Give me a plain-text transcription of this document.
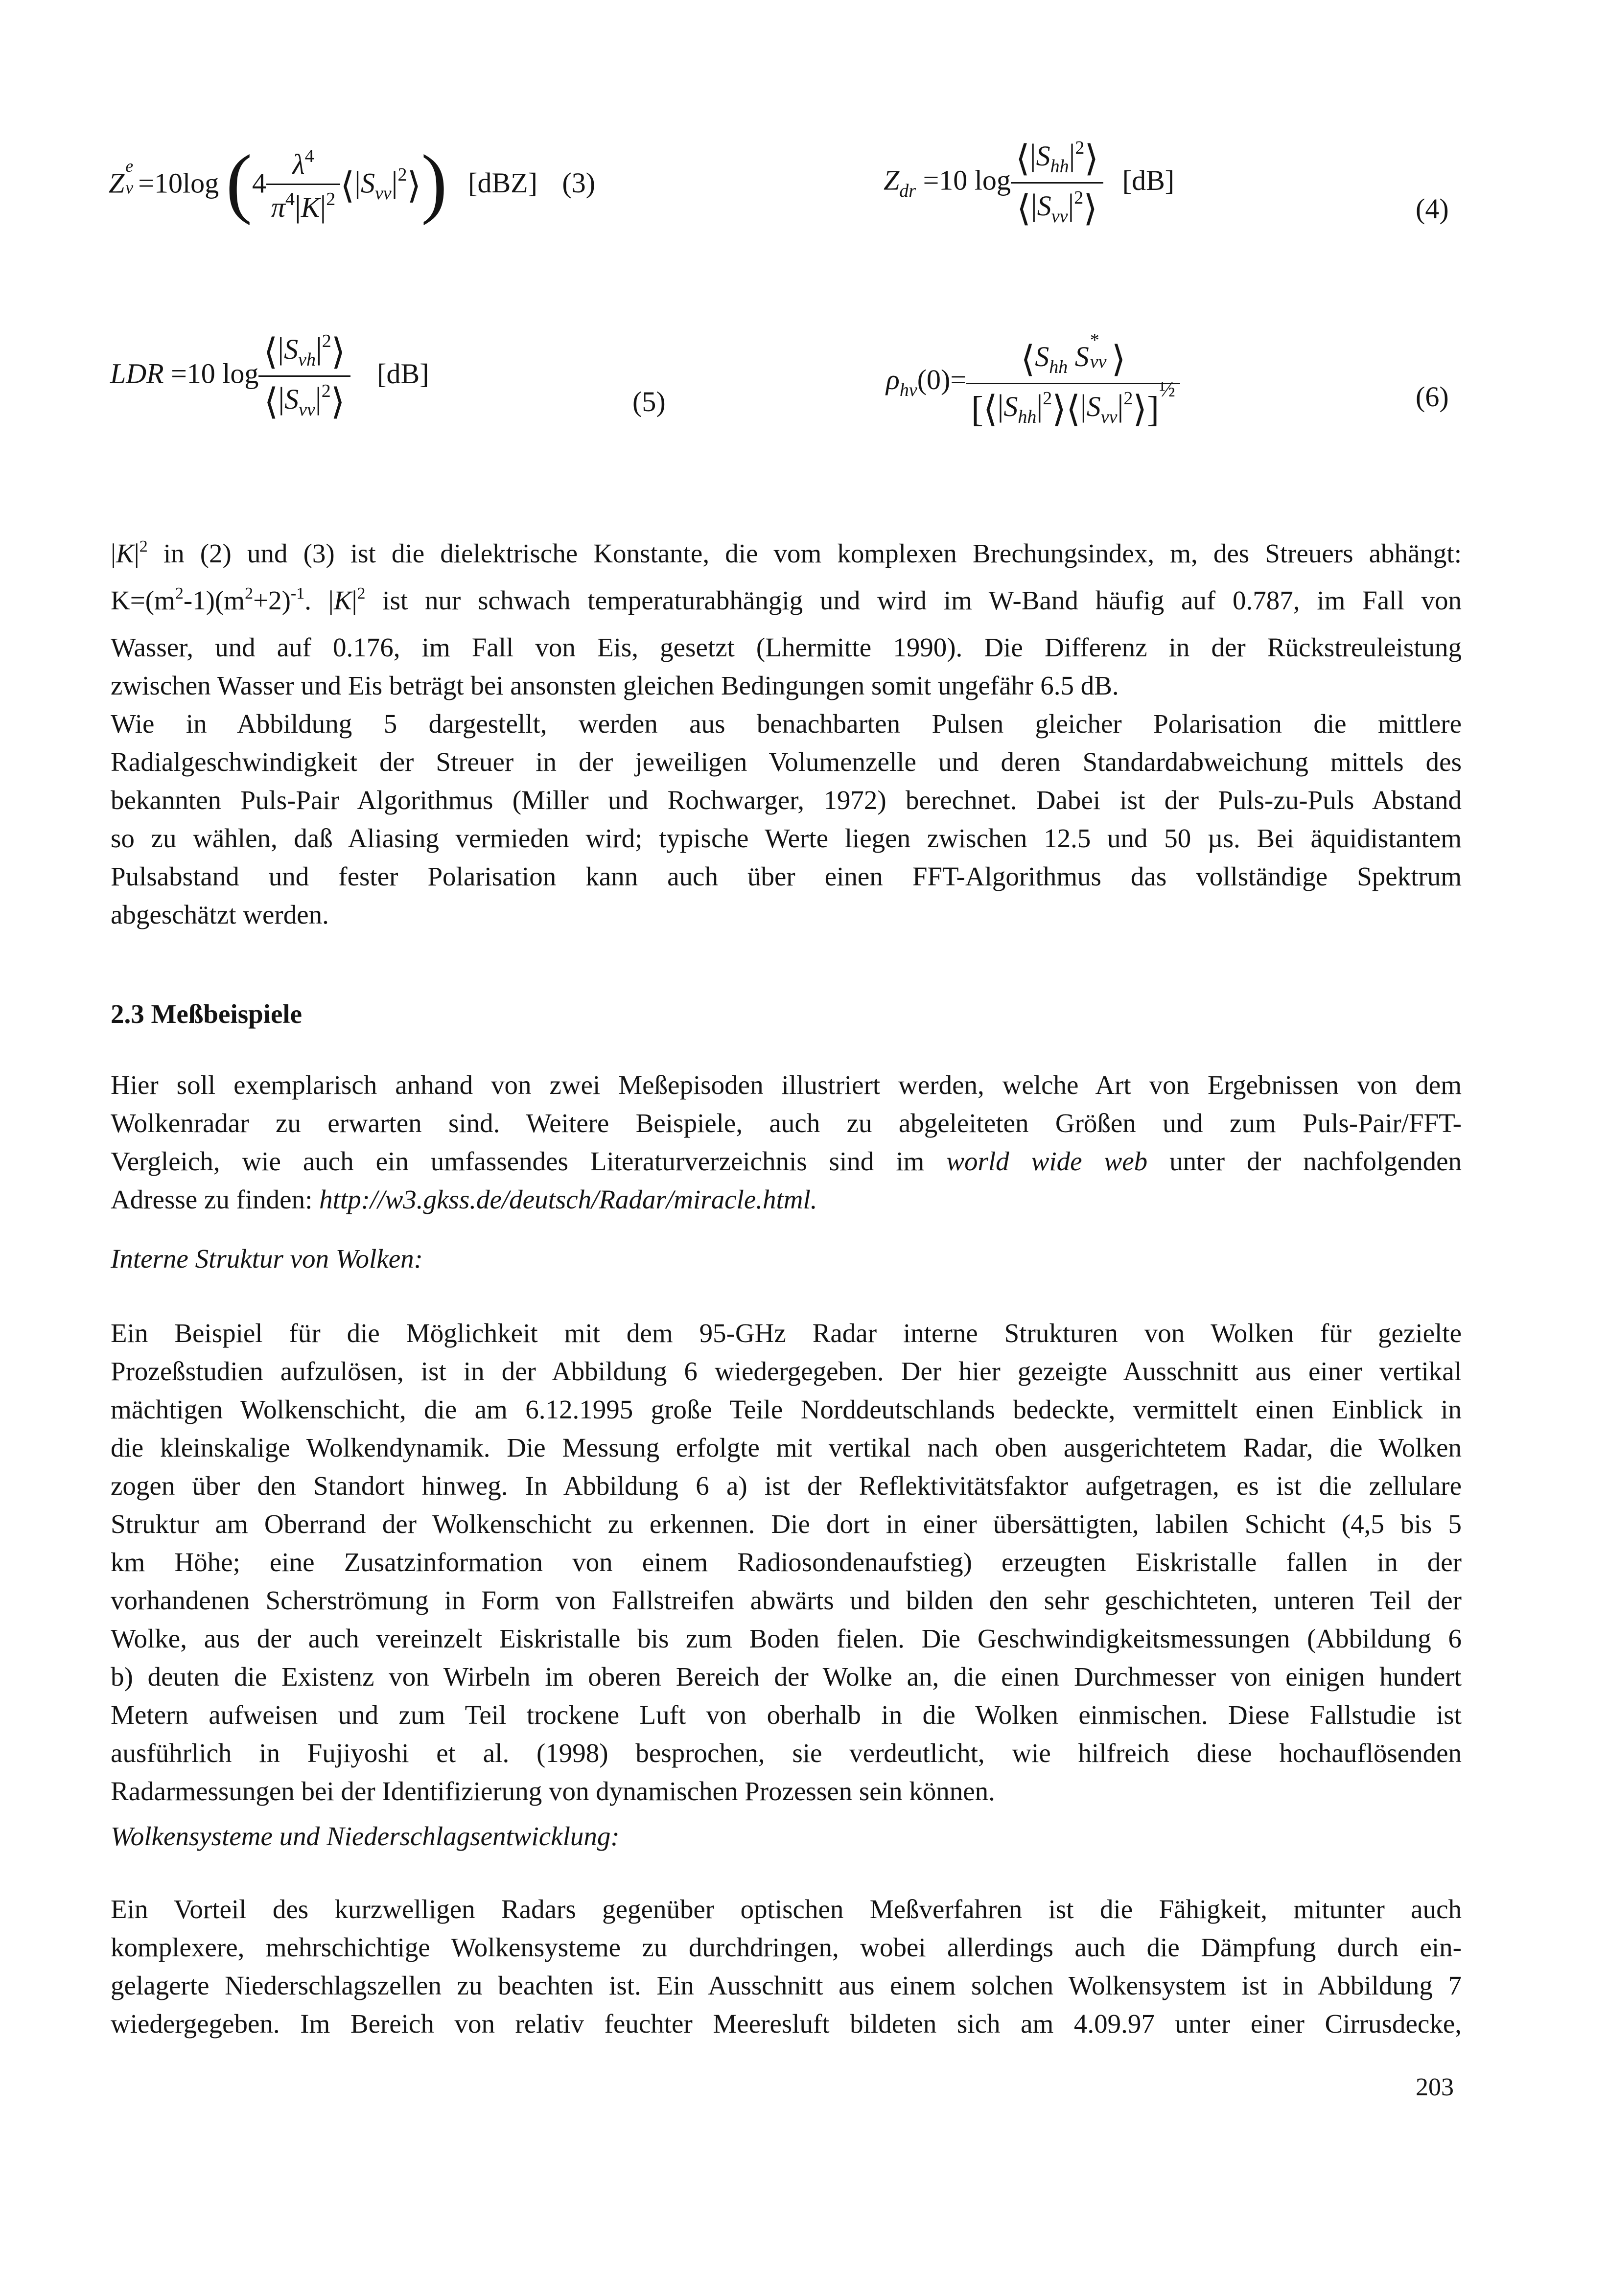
Z
e
v =10log ($4 \frac{\lambda^4}{\pi^4|K|^2}$ $⟨|S_{vv}|^2⟩$) [dBZ] (3)	$Z_{dr} =10$ $\log \frac{⟨|S_{hh}|^2⟩}{⟨|S_{vv}|^2⟩} [dB]$
(4)
LDR =10 $\log \frac{⟨|S_{vh}|^2⟩}{⟨|S_{vv}|^2⟩} [dB]$
(5)
$\rho_{hv}(0)=$ $⟨S_{hh}$ S
*
vv ⟩
$[⟨|S_{hh}|^2⟩⟨|S_{vv}|^2⟩]^{\frac{1}{2}}$	(6)
$|K|^2$ in (2) und (3) ist die dielektrische Konstante, die vom komplexen Brechungsindex, m, des Streuers abhängt:
$K=(m^2-1)(m^2+2)^{-1}$. $|K|^2$ ist nur schwach temperaturabhängig und wird im W-Band häufig auf 0.787, im Fall von
Wasser, und auf 0.176, im Fall von Eis, gesetzt (Lhermitte 1990). Die Differenz in der Rückstreuleistung
zwischen Wasser und Eis beträgt bei ansonsten gleichen Bedingungen somit ungefähr 6.5 dB.
Wie in Abbildung 5 dargestellt, werden aus benachbarten Pulsen gleicher Polarisation die mittlere
Radialgeschwindigkeit der Streuer in der jeweiligen Volumenzelle und deren Standardabweichung mittels des
bekannten Puls-Pair Algorithmus (Miller und Rochwarger, 1972) berechnet. Dabei ist der Puls-zu-Puls Abstand
so zu wählen, daß Aliasing vermieden wird; typische Werte liegen zwischen 12.5 und 50 µs. Bei äquidistantem
Pulsabstand und fester Polarisation kann auch über einen FFT-Algorithmus das vollständige Spektrum
abgeschätzt werden.
2.3 Meßbeispiele
Hier soll exemplarisch anhand von zwei Meßepisoden illustriert werden, welche Art von Ergebnissen von dem
Wolkenradar zu erwarten sind. Weitere Beispiele, auch zu abgeleiteten Größen und zum Puls-Pair/FFT-
Vergleich, wie auch ein umfassendes Literaturverzeichnis sind im world wide web unter der nachfolgenden
Adresse zu finden: http://w3.gkss.de/deutsch/Radar/miracle.html.
Interne Struktur von Wolken:
Ein Beispiel für die Möglichkeit mit dem 95-GHz Radar interne Strukturen von Wolken für gezielte
Prozeßstudien aufzulösen, ist in der Abbildung 6 wiedergegeben. Der hier gezeigte Ausschnitt aus einer vertikal
mächtigen Wolkenschicht, die am 6.12.1995 große Teile Norddeutschlands bedeckte, vermittelt einen Einblick in
die kleinskalige Wolkendynamik. Die Messung erfolgte mit vertikal nach oben ausgerichtetem Radar, die Wolken
zogen über den Standort hinweg. In Abbildung 6 a) ist der Reflektivitätsfaktor aufgetragen, es ist die zellulare
Struktur am Oberrand der Wolkenschicht zu erkennen. Die dort in einer übersättigten, labilen Schicht (4,5 bis 5
km Höhe; eine Zusatzinformation von einem Radiosondenaufstieg) erzeugten Eiskristalle fallen in der
vorhandenen Scherströmung in Form von Fallstreifen abwärts und bilden den sehr geschichteten, unteren Teil der
Wolke, aus der auch vereinzelt Eiskristalle bis zum Boden fielen. Die Geschwindigkeitsmessungen (Abbildung 6
b) deuten die Existenz von Wirbeln im oberen Bereich der Wolke an, die einen Durchmesser von einigen hundert
Metern aufweisen und zum Teil trockene Luft von oberhalb in die Wolken einmischen. Diese Fallstudie ist
ausführlich in Fujiyoshi et al. (1998) besprochen, sie verdeutlicht, wie hilfreich diese hochauflösenden
Radarmessungen bei der Identifizierung von dynamischen Prozessen sein können.
Wolkensysteme und Niederschlagsentwicklung:
Ein Vorteil des kurzwelligen Radars gegenüber optischen Meßverfahren ist die Fähigkeit, mitunter auch
komplexere, mehrschichtige Wolkensysteme zu durchdringen, wobei allerdings auch die Dämpfung durch ein-
gelagerte Niederschlagszellen zu beachten ist. Ein Ausschnitt aus einem solchen Wolkensystem ist in Abbildung 7
wiedergegeben. Im Bereich von relativ feuchter Meeresluft bildeten sich am 4.09.97 unter einer Cirrusdecke,
203
